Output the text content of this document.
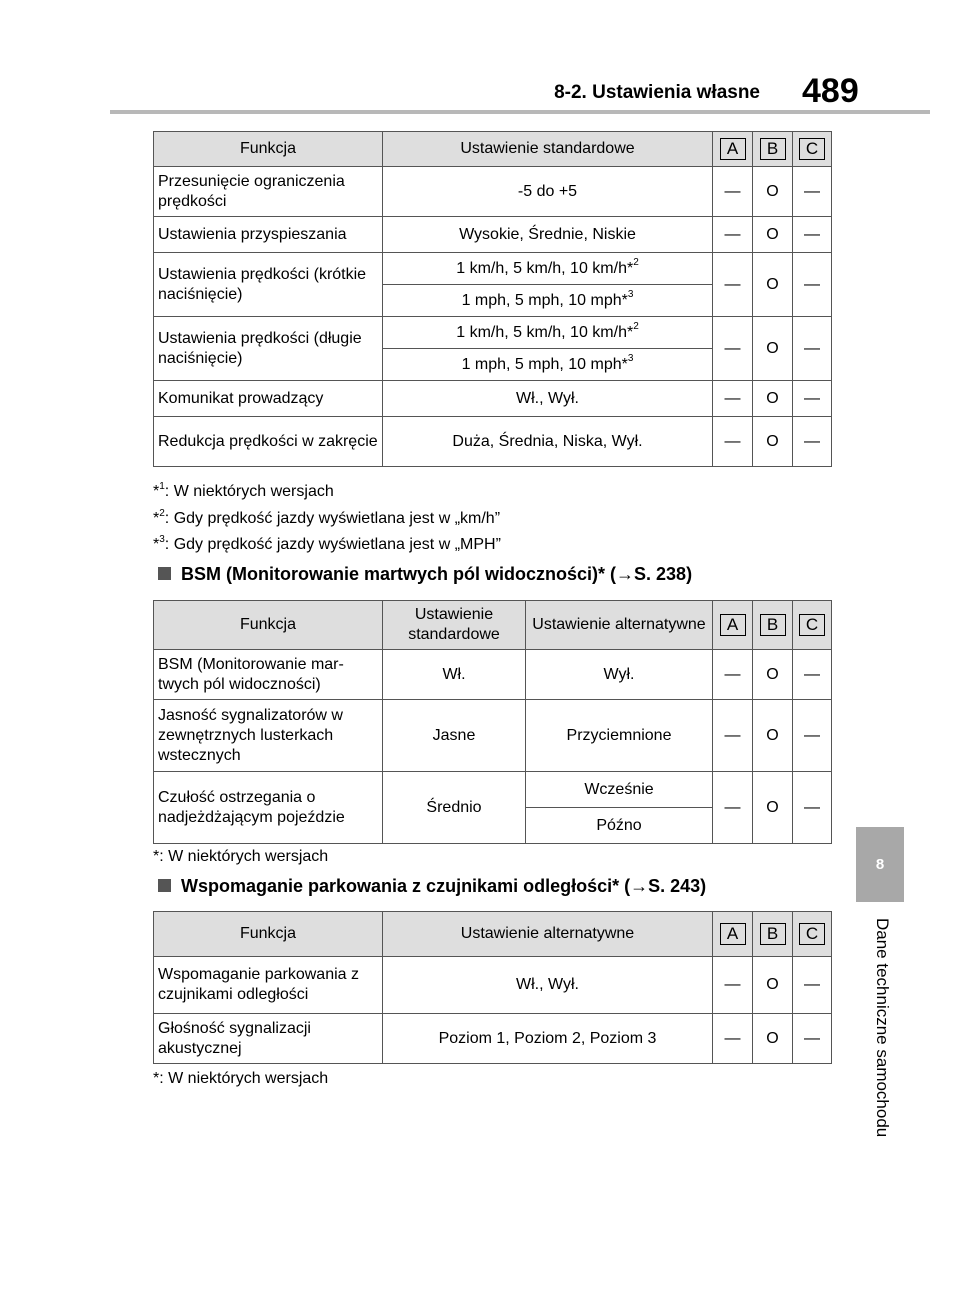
8-2. Ustawienia własne 489
8
Dane techniczne samochodu
Funkcja	Ustawienie standardowe	A	B	C
Przesunięcie ograniczenia prędkości	-5 do +5	—	O	—
Ustawienia przyspieszania	Wysokie, Średnie, Niskie	—	O	—
Ustawienia prędkości (krótkie naciśnięcie)	1 km/h, 5 km/h, 10 km/h*$^2$	—	O	—
	1 mph, 5 mph, 10 mph*$^3$
Ustawienia prędkości (długie naciśnięcie)	1 km/h, 5 km/h, 10 km/h*$^2$	—	O	—
	1 mph, 5 mph, 10 mph*$^3$
Komunikat prowadzący	Wł., Wył.	—	O	—
Redukcja prędkości w zakręcie	Duża, Średnia, Niska, Wył.	—	O	—
*$^1$: W niektórych wersjach
*$^2$: Gdy prędkość jazdy wyświetlana jest w „km/h”
*$^3$: Gdy prędkość jazdy wyświetlana jest w „MPH”
BSM (Monitorowanie martwych pól widoczności)* (→S. 238)
Funkcja	Ustawienie standardowe	Ustawienie alternatywne	A	B	C
BSM (Monitorowanie mar-twych pól widoczności)	Wł.	Wył.	—	O	—
Jasność sygnalizatorów w zewnętrznych lusterkach wstecznych	Jasne	Przyciemnione	—	O	—
Czułość ostrzegania o nadjeżdżającym pojeździe	Średnio	Wcześnie	—	O	—
		Późno			
*: W niektórych wersjach
Wspomaganie parkowania z czujnikami odległości* (→S. 243)
Funkcja	Ustawienie alternatywne	A	B	C
Wspomaganie parkowania z czujnikami odległości	Wł., Wył.	—	O	—
Głośność sygnalizacji akustycznej	Poziom 1, Poziom 2, Poziom 3	—	O	—
*: W niektórych wersjach
